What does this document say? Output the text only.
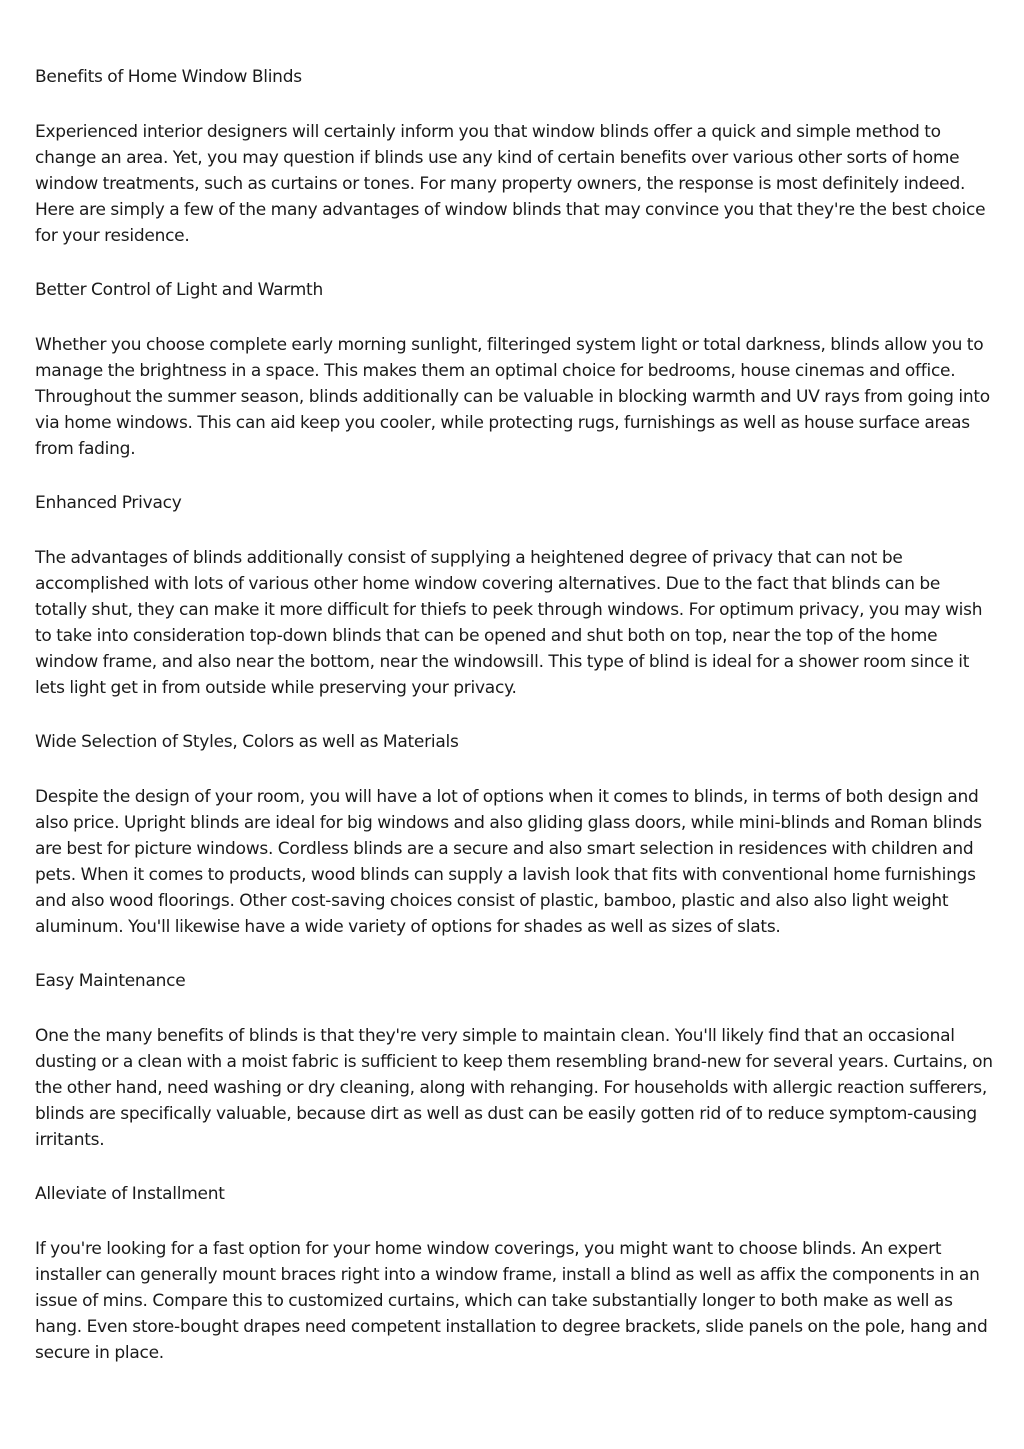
Benefits of Home Window Blinds

Experienced interior designers will certainly inform you that window blinds offer a quick and simple method to change an area. Yet, you may question if blinds use any kind of certain benefits over various other sorts of home window treatments, such as curtains or tones. For many property owners, the response is most definitely indeed. Here are simply a few of the many advantages of window blinds that may convince you that they're the best choice for your residence.

Better Control of Light and Warmth

Whether you choose complete early morning sunlight, filteringed system light or total darkness, blinds allow you to manage the brightness in a space. This makes them an optimal choice for bedrooms, house cinemas and office. Throughout the summer season, blinds additionally can be valuable in blocking warmth and UV rays from going into via home windows. This can aid keep you cooler, while protecting rugs, furnishings as well as house surface areas from fading.

Enhanced Privacy

The advantages of blinds additionally consist of supplying a heightened degree of privacy that can not be accomplished with lots of various other home window covering alternatives. Due to the fact that blinds can be totally shut, they can make it more difficult for thiefs to peek through windows. For optimum privacy, you may wish to take into consideration top-down blinds that can be opened and shut both on top, near the top of the home window frame, and also near the bottom, near the windowsill. This type of blind is ideal for a shower room since it lets light get in from outside while preserving your privacy.

Wide Selection of Styles, Colors as well as Materials

Despite the design of your room, you will have a lot of options when it comes to blinds, in terms of both design and also price. Upright blinds are ideal for big windows and also gliding glass doors, while mini-blinds and Roman blinds are best for picture windows. Cordless blinds are a secure and also smart selection in residences with children and pets. When it comes to products, wood blinds can supply a lavish look that fits with conventional home furnishings and also wood floorings. Other cost-saving choices consist of plastic, bamboo, plastic and also also light weight aluminum. You'll likewise have a wide variety of options for shades as well as sizes of slats.

Easy Maintenance

One the many benefits of blinds is that they're very simple to maintain clean. You'll likely find that an occasional dusting or a clean with a moist fabric is sufficient to keep them resembling brand-new for several years. Curtains, on the other hand, need washing or dry cleaning, along with rehanging. For households with allergic reaction sufferers, blinds are specifically valuable, because dirt as well as dust can be easily gotten rid of to reduce symptom-causing irritants.

Alleviate of Installment

If you're looking for a fast option for your home window coverings, you might want to choose blinds. An expert installer can generally mount braces right into a window frame, install a blind as well as affix the components in an issue of mins. Compare this to customized curtains, which can take substantially longer to both make as well as hang. Even store-bought drapes need competent installation to degree brackets, slide panels on the pole, hang and secure in place.
